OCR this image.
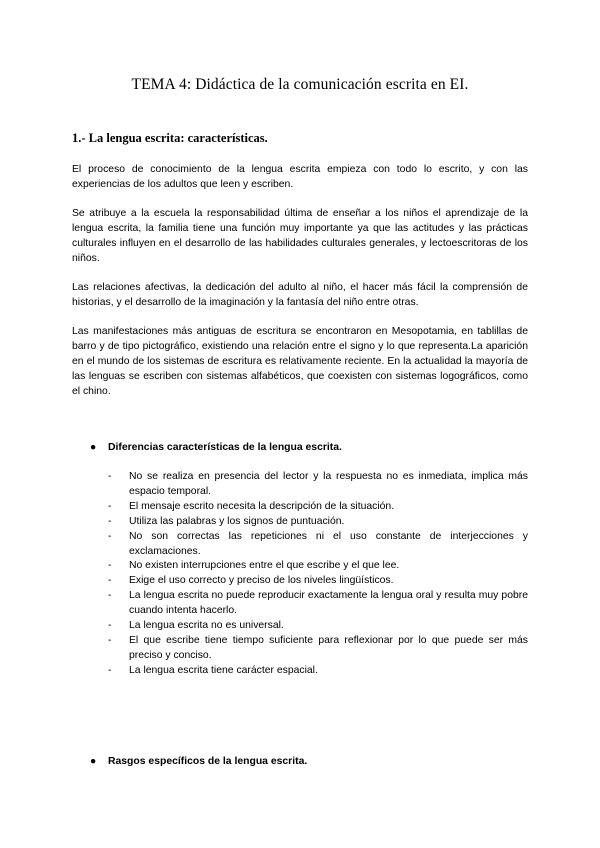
TEMA 4: Didáctica de la comunicación escrita en EI.
1.- La lengua escrita: características.

El proceso de conocimiento de la lengua escrita empieza con todo lo escrito, y con las experiencias de los adultos que leen y escriben.

Se atribuye a la escuela la responsabilidad última de enseñar a los niños el aprendizaje de la lengua escrita, la familia tiene una función muy importante ya que las actitudes y las prácticas culturales influyen en el desarrollo de las habilidades culturales generales, y lectoescritoras de los niños.

Las relaciones afectivas, la dedicación del adulto al niño, el hacer más fácil la comprensión de historias, y el desarrollo de la imaginación y la fantasía del niño entre otras.

Las manifestaciones más antiguas de escritura se encontraron en Mesopotamia, en tablillas de barro y de tipo pictográfico, existiendo una relación entre el signo y lo que representa.La aparición en el mundo de los sistemas de escritura es relativamente reciente. En la actualidad la mayoría de las lenguas se escriben con sistemas alfabéticos, que coexisten con sistemas logográficos, como el chino.

● Diferencias características de la lengua escrita.
- No se realiza en presencia del lector y la respuesta no es inmediata, implica más espacio temporal.
- El mensaje escrito necesita la descripción de la situación.
- Utiliza las palabras y los signos de puntuación.
- No son correctas las repeticiones ni el uso constante de interjecciones y exclamaciones.
- No existen interrupciones entre el que escribe y el que lee.
- Exige el uso correcto y preciso de los niveles lingüísticos.
- La lengua escrita no puede reproducir exactamente la lengua oral y resulta muy pobre cuando intenta hacerlo.
- La lengua escrita no es universal.
- El que escribe tiene tiempo suficiente para reflexionar por lo que puede ser más preciso y conciso.
- La lengua escrita tiene carácter espacial.
● Rasgos específicos de la lengua escrita.
